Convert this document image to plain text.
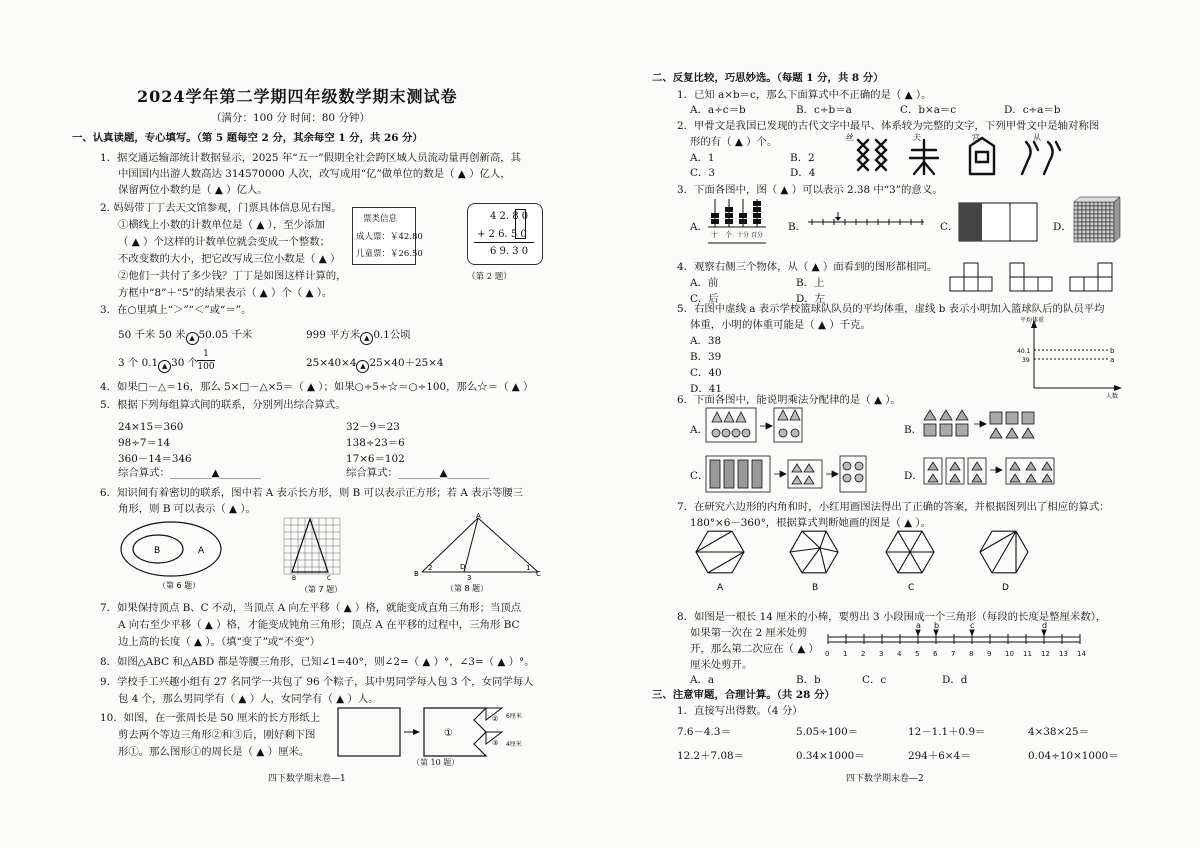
2024学年第二学期四年级数学期末测试卷
（满分：100 分 时间：80 分钟）
一、认真读题，专心填写。（第 5 题每空 2 分，其余每空 1 分，共 26 分）
1．据交通运输部统计数据显示，2025 年“五一”假期全社会跨区域人员流动量再创新高，其
中国国内出游人数高达 314570000 人次，改写成用“亿”做单位的数是（ ▲ ）亿人，
保留两位小数约是（ ▲ ）亿人。
2. 妈妈带丁丁去天文馆参观，门票具体信息见右图。
①横线上小数的计数单位是（ ▲ ），至少添加
（ ▲ ）个这样的计数单位就会变成一个整数；
不改变数的大小，把它改写成三位小数是（ ▲ ）
②他们一共付了多少钱？丁丁是如图这样计算的，
方框中“8”＋“5”的结果表示（ ▲ ）个（ ▲ ）。
票类信息
成人票：￥42.80
儿童票：￥26.50
4 2. 8 0
+ 2 6. 5 0
6 9. 3 0
（第 2 题）
3．在○里填上“＞”“＜”或“＝”。
50 千米 50 米 ▲ 50.05 千米	999 平方米 ▲ 0.1公顷
3 个 0.1 ▲ 30 个
1
100	25×40×4 ▲ 25×40＋25×4
4．如果□－△＝16，那么 5×□－△×5＝（ ▲ ）；如果○÷5÷☆＝○÷100，那么☆＝（ ▲ ）
5．根据下列每组算式间的联系，分别列出综合算式。
24×15＝360
98÷7＝14
360－14＝346
综合算式：________▲________
32－9＝23
138÷23＝6
17×6＝102
综合算式：________▲________
6．知识间有着密切的联系，图中若 A 表示长方形，则 B 可以表示正方形；若 A 表示等腰三
角形，则 B 可以表示（ ▲ ）。
B	A
（第 6 题）
B	C
（第 7 题）
A
B	C
D
2
3
1
（第 8 题）
7．如果保持顶点 B、C 不动，当顶点 A 向左平移（ ▲ ）格，就能变成直角三角形；当顶点
A 向右至少平移（ ▲ ）格，才能变成钝角三角形；顶点 A 在平移的过程中，三角形 BC
边上高的长度（ ▲ ）。（填“变了”或“不变”）
8．如图△ABC 和△ABD 都是等腰三角形，已知∠1=40°，则∠2=（ ▲ ）°，∠3=（ ▲ ）°。
9．学校手工兴趣小组有 27 名同学一共包了 96 个粽子，其中男同学每人包 3 个，女同学每人
包 4 个，那么男同学有（ ▲ ）人，女同学有（ ▲ ）人。
10．如图，在一张周长是 50 厘米的长方形纸上
剪去两个等边三角形②和③后，刚好剩下图
形①。那么图形①的周长是（ ▲ ）厘米。
①
②
③
6厘米
4厘米
（第 10 题）
四下数学期末卷—1
二、反复比较，巧思妙选。（每题 1 分，共 8 分）
1．已知 a×b＝c，那么下面算式中不正确的是（ ▲ ）。
A．a÷c＝b	B．c÷b＝a	C．b×a＝c	D．c÷a＝b
2．甲骨文是我国已发现的古代文字中最早、体系较为完整的文字，下列甲骨文中是轴对称图
形的有（ ▲ ）个。
A．1	B．2
C．3	D．4
丝	夫	宫	从
3．下面各图中，图（ ▲ ）可以表示 2.38 中“3”的意义。
A．
十 个 十分 百分
B．	C．	D．
4．观察右侧三个物体，从（ ▲ ）面看到的图形都相同。
A．前	B．上
C．后	D．左
5．右图中虚线 a 表示学校篮球队队员的平均体重，虚线 b 表示小明加入篮球队后的队员平均
体重，小明的体重可能是（ ▲ ）千克。
A．38
B．39
C．40
D．41
平均体重
40.1
39
b
a
人数
6．下面各图中，能说明乘法分配律的是（ ▲ ）。
A．	B．
C．	D．
7．在研究六边形的内角和时，小红用画图法得出了正确的答案，并根据图列出了相应的算式：
180°×6－360°，根据算式判断她画的图是（ ▲ ）。
A	B	C	D
8．如图是一根长 14 厘米的小棒，要剪出 3 小段围成一个三角形（每段的长度是整厘米数），
如果第一次在 2 厘米处剪
开，那么第二次应在（ ▲ ）
厘米处剪开。
0 1 2 3 4 5 6 7 8 9 10 11 12 13 14
a b	c	d
A．a	B．b	C．c	D．d
三、注意审题，合理计算。（共 28 分）
1．直接写出得数。（4 分）
7.6－4.3＝	5.05÷100＝	12－1.1＋0.9＝	4×38×25＝
12.2＋7.08＝	0.34×1000＝	294＋6×4＝	0.04÷10×1000＝
四下数学期末卷—2
